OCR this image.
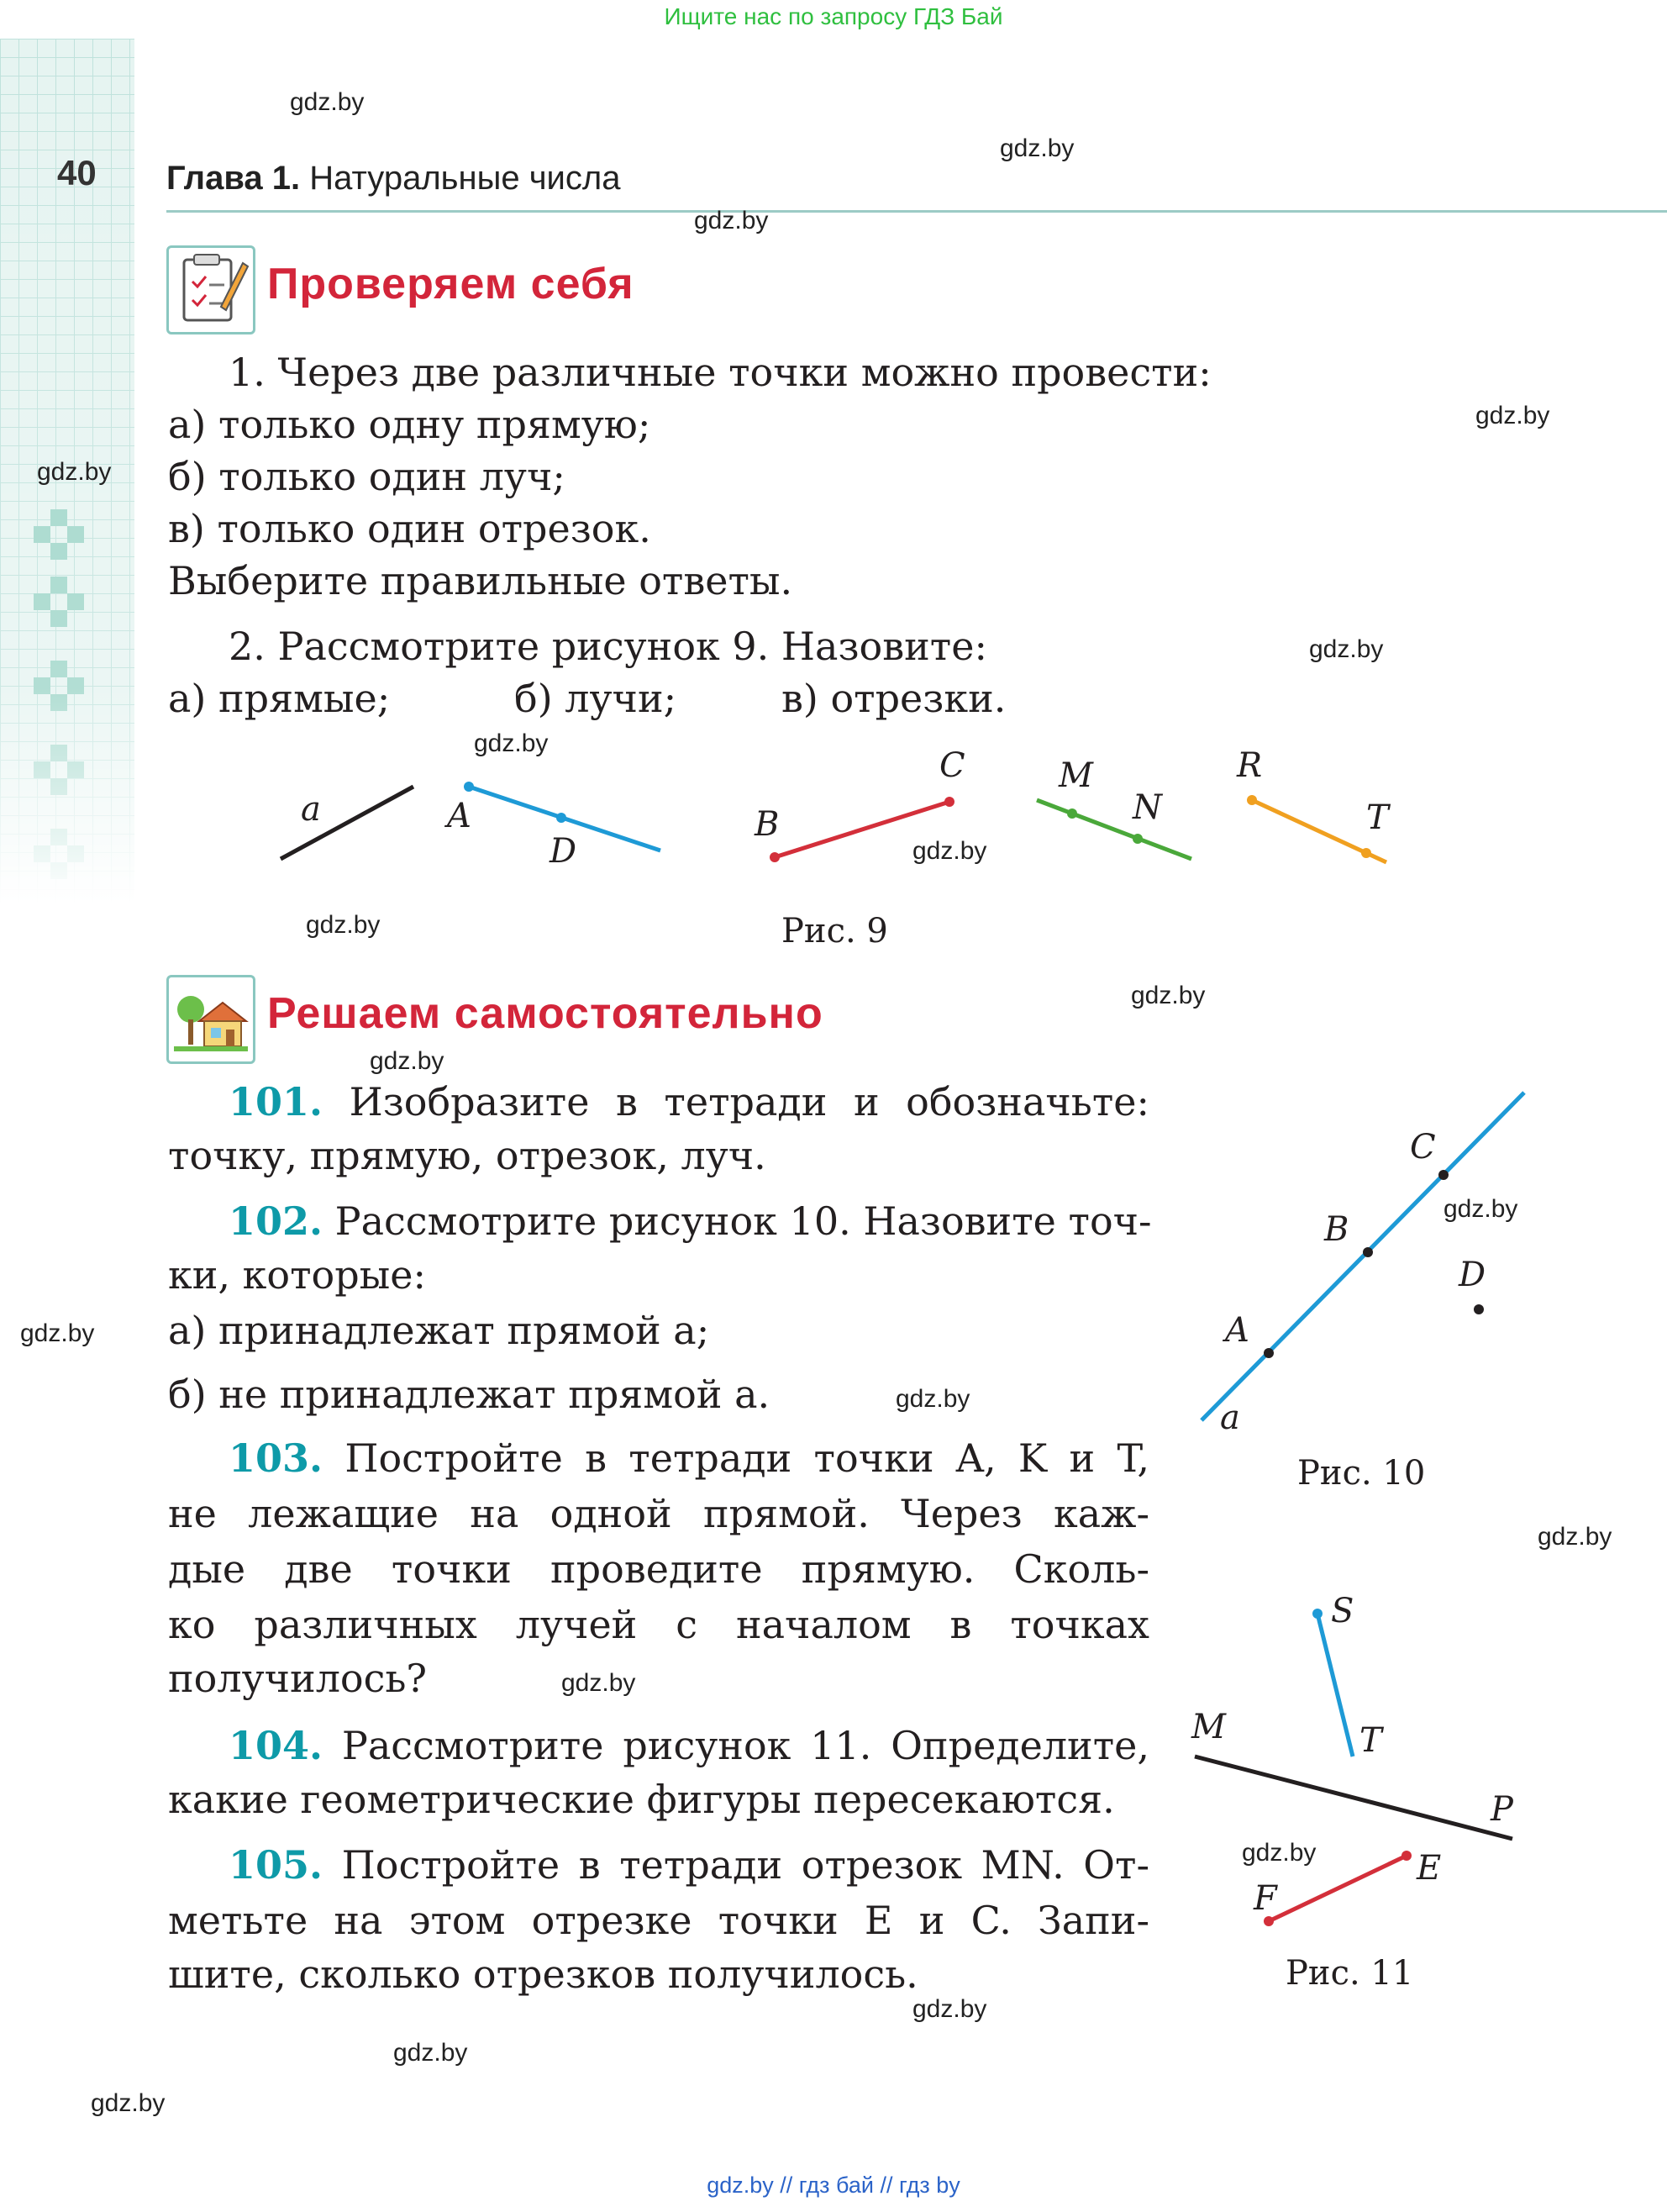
Ищите нас по запросу ГДЗ Бай
gdz.by // гдз бай // гдз by
40 Глава 1. Натуральные числа
Проверяем себя
1. Через две различные точки можно провести:
а) только одну прямую;
б) только один луч;
в) только один отрезок.
Выберите правильные ответы.
2. Рассмотрите рисунок 9. Назовите:
а) прямые;	б) лучи;	в) отрезки.
a	A
D
B
C	M
N
R
T
Рис. 9
Решаем самостоятельно
101. Изобразите в тетради и обозначьте:
точку, прямую, отрезок, луч.
102. Рассмотрите рисунок 10. Назовите точ-
ки, которые:
а) принадлежат прямой a;
б) не принадлежат прямой a.
103. Постройте в тетради точки A, K и T,
не лежащие на одной прямой. Через каж-
дые две точки проведите прямую. Сколь-
ко различных лучей с началом в точках
получилось?
104. Рассмотрите рисунок 11. Определите,
какие геометрические фигуры пересекаются.
105. Постройте в тетради отрезок MN. От-
метьте на этом отрезке точки E и C. Запи-
шите, сколько отрезков получилось.
C
B
D
A
a
Рис. 10
S
T
M
P
E
F
Рис. 11
gdz.by
gdz.by
gdz.by
gdz.by
gdz.by
gdz.by
gdz.by
gdz.by
gdz.by
gdz.by
gdz.by
gdz.by
gdz.by
gdz.by
gdz.by
gdz.by
gdz.by
gdz.by
gdz.by
gdz.by
